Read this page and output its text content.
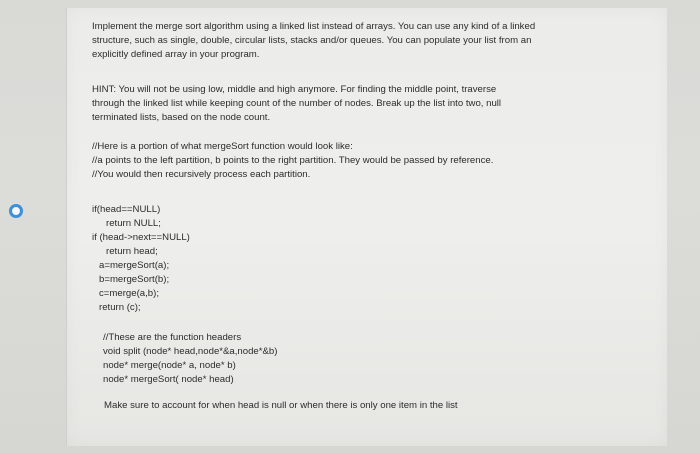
Implement the merge sort algorithm using a linked list instead of arrays. You can use any kind of a linked
structure, such as single, double, circular lists, stacks and/or queues. You can populate your list from an
explicitly defined array in your program.
HINT: You will not be using low, middle and high anymore. For finding the middle point, traverse
through the linked list while keeping count of the number of nodes. Break up the list into two, null
terminated lists, based on the node count.
//Here is a portion of what mergeSort function would look like:
//a points to the left partition, b points to the right partition. They would be passed by reference.
//You would then recursively process each partition.
if(head==NULL)
return NULL;
if (head->next==NULL)
return head;
a=mergeSort(a);
b=mergeSort(b);
c=merge(a,b);
return (c);
//These are the function headers
void split (node* head,node*&a,node*&b)
node* merge(node* a, node* b)
node* mergeSort( node* head)
Make sure to account for when head is null or when there is only one item in the list
